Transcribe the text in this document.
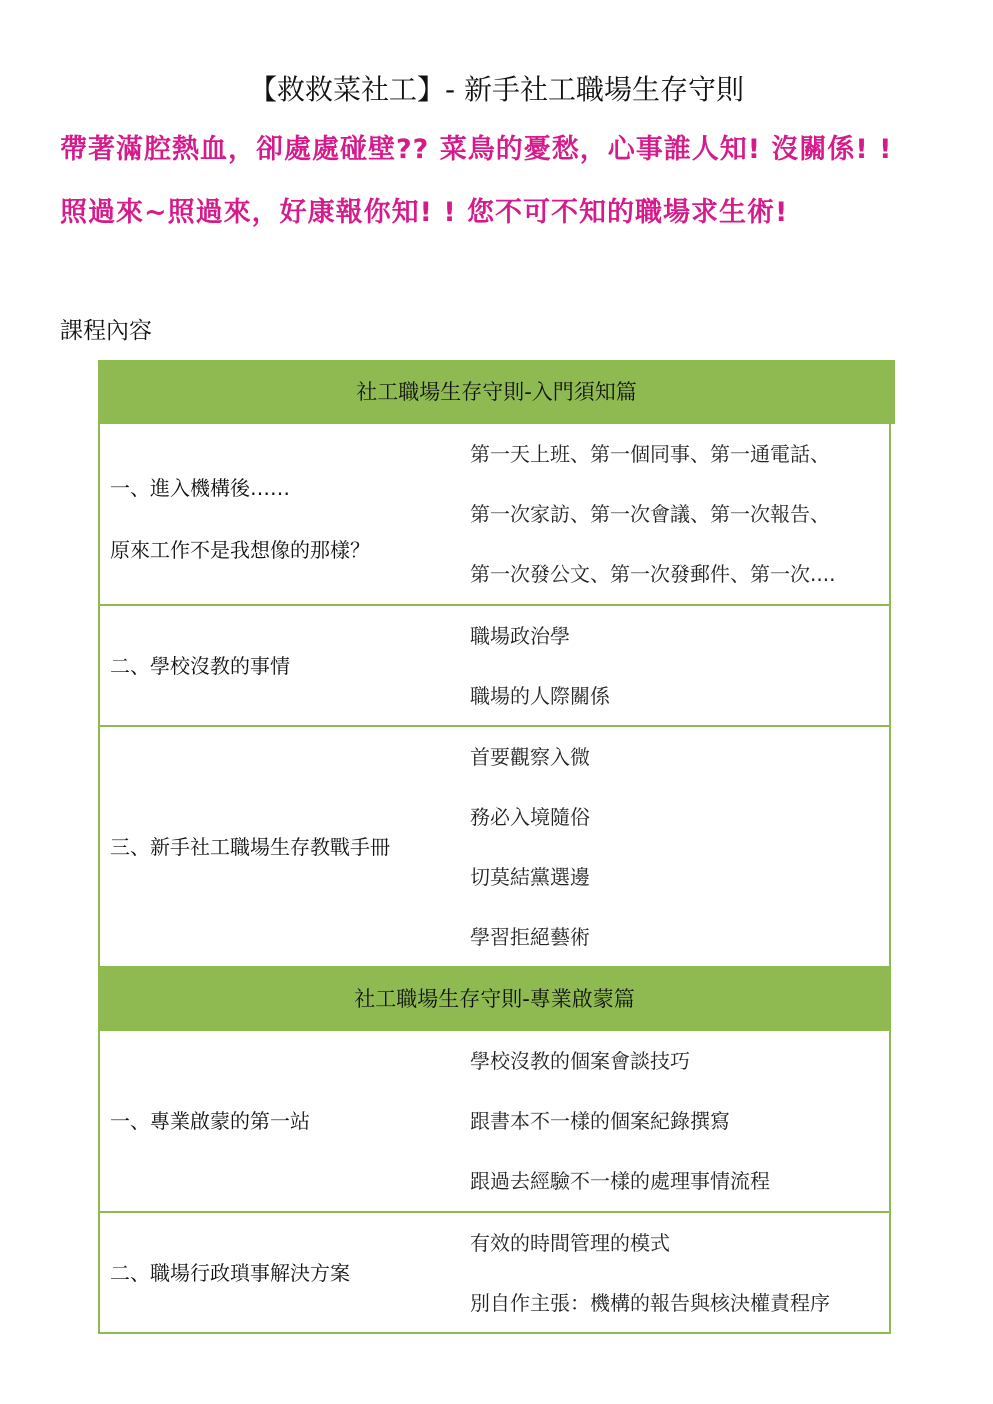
【救救菜社工】- 新手社工職場生存守則
帶著滿腔熱血，卻處處碰壁?? 菜鳥的憂愁，心事誰人知! 沒關係! !
照過來~照過來，好康報你知! ! 您不可不知的職場求生術!
課程內容
社工職場生存守則-入門須知篇
一、進入機構後……
原來工作不是我想像的那樣？
第一天上班、第一個同事、第一通電話、
第一次家訪、第一次會議、第一次報告、
第一次發公文、第一次發郵件、第一次....
二、學校沒教的事情
職場政治學
職場的人際關係
三、新手社工職場生存教戰手冊
首要觀察入微
務必入境隨俗
切莫結黨選邊
學習拒絕藝術
社工職場生存守則-專業啟蒙篇
一、專業啟蒙的第一站
學校沒教的個案會談技巧
跟書本不一樣的個案紀錄撰寫
跟過去經驗不一樣的處理事情流程
二、職場行政瑣事解決方案
有效的時間管理的模式
別自作主張：機構的報告與核決權責程序
